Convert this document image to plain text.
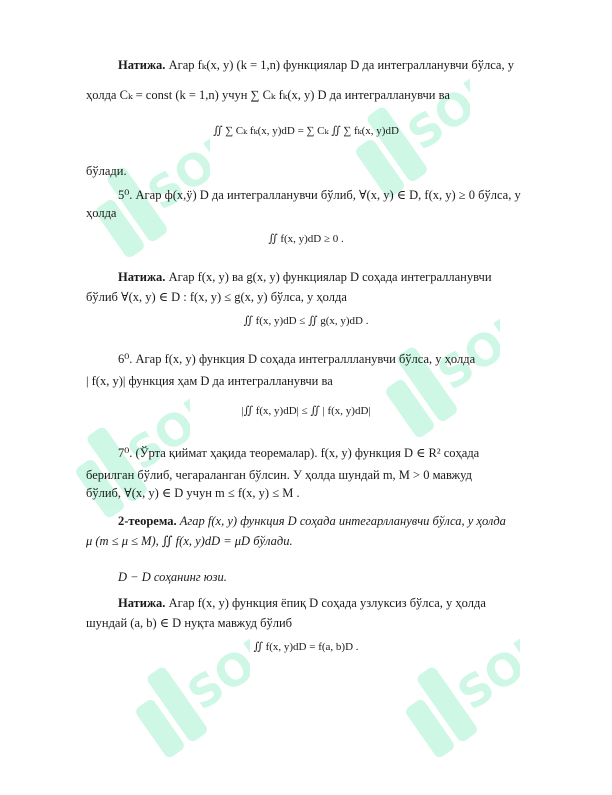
SOFF
SOFF
SOFF
SOFF
SOFF	SOFF
Натижа. Агар fₖ(x, y) (k = 1,n) функциялар D да интегралланувчи бўлса, у
ҳолда Cₖ = const (k = 1,n) учун ∑ Cₖ fₖ(x, y) D да интегралланувчи ва
∬ ∑ Cₖ fₖ(x, y)dD = ∑ Cₖ ∬ ∑ fₖ(x, y)dD
бўлади.
5⁰. Агар ф(x,ӱ) D да интегралланувчи бўлиб, ∀(x, y) ∈ D, f(x, y) ≥ 0 бўлса, у
ҳолда
∬ f(x, y)dD ≥ 0 .
Натижа. Агар f(x, y) ва g(x, y) функциялар D соҳада интегралланувчи
бўлиб ∀(x, y) ∈ D : f(x, y) ≤ g(x, y) бўлса, у ҳолда
∬ f(x, y)dD ≤ ∬ g(x, y)dD .
6⁰. Агар f(x, y) функция D соҳада интеграллланувчи бўлса, у ҳолда
| f(x, y)| функция ҳам D да интегралланувчи ва
|∬ f(x, y)dD| ≤ ∬ | f(x, y)dD|
7⁰. (Ўрта қиймат ҳақида теоремалар). f(x, y) функция D ∈ R² соҳада
берилган бўлиб, чегараланган бўлсин. У ҳолда шундай m, M > 0 мавжуд
бўлиб, ∀(x, y) ∈ D учун m ≤ f(x, y) ≤ M .
2-теорема. Агар f(x, y) функция D соҳада интегарлланувчи бўлса, у ҳолда
μ (m ≤ μ ≤ M), ∬ f(x, y)dD = μD бўлади.
D − D соҳанинг юзи.
Натижа. Агар f(x, y) функция ёпиқ D соҳада узлуксиз бўлса, у ҳолда
шундай (a, b) ∈ D нуқта мавжуд бўлиб
∬ f(x, y)dD = f(a, b)D .
